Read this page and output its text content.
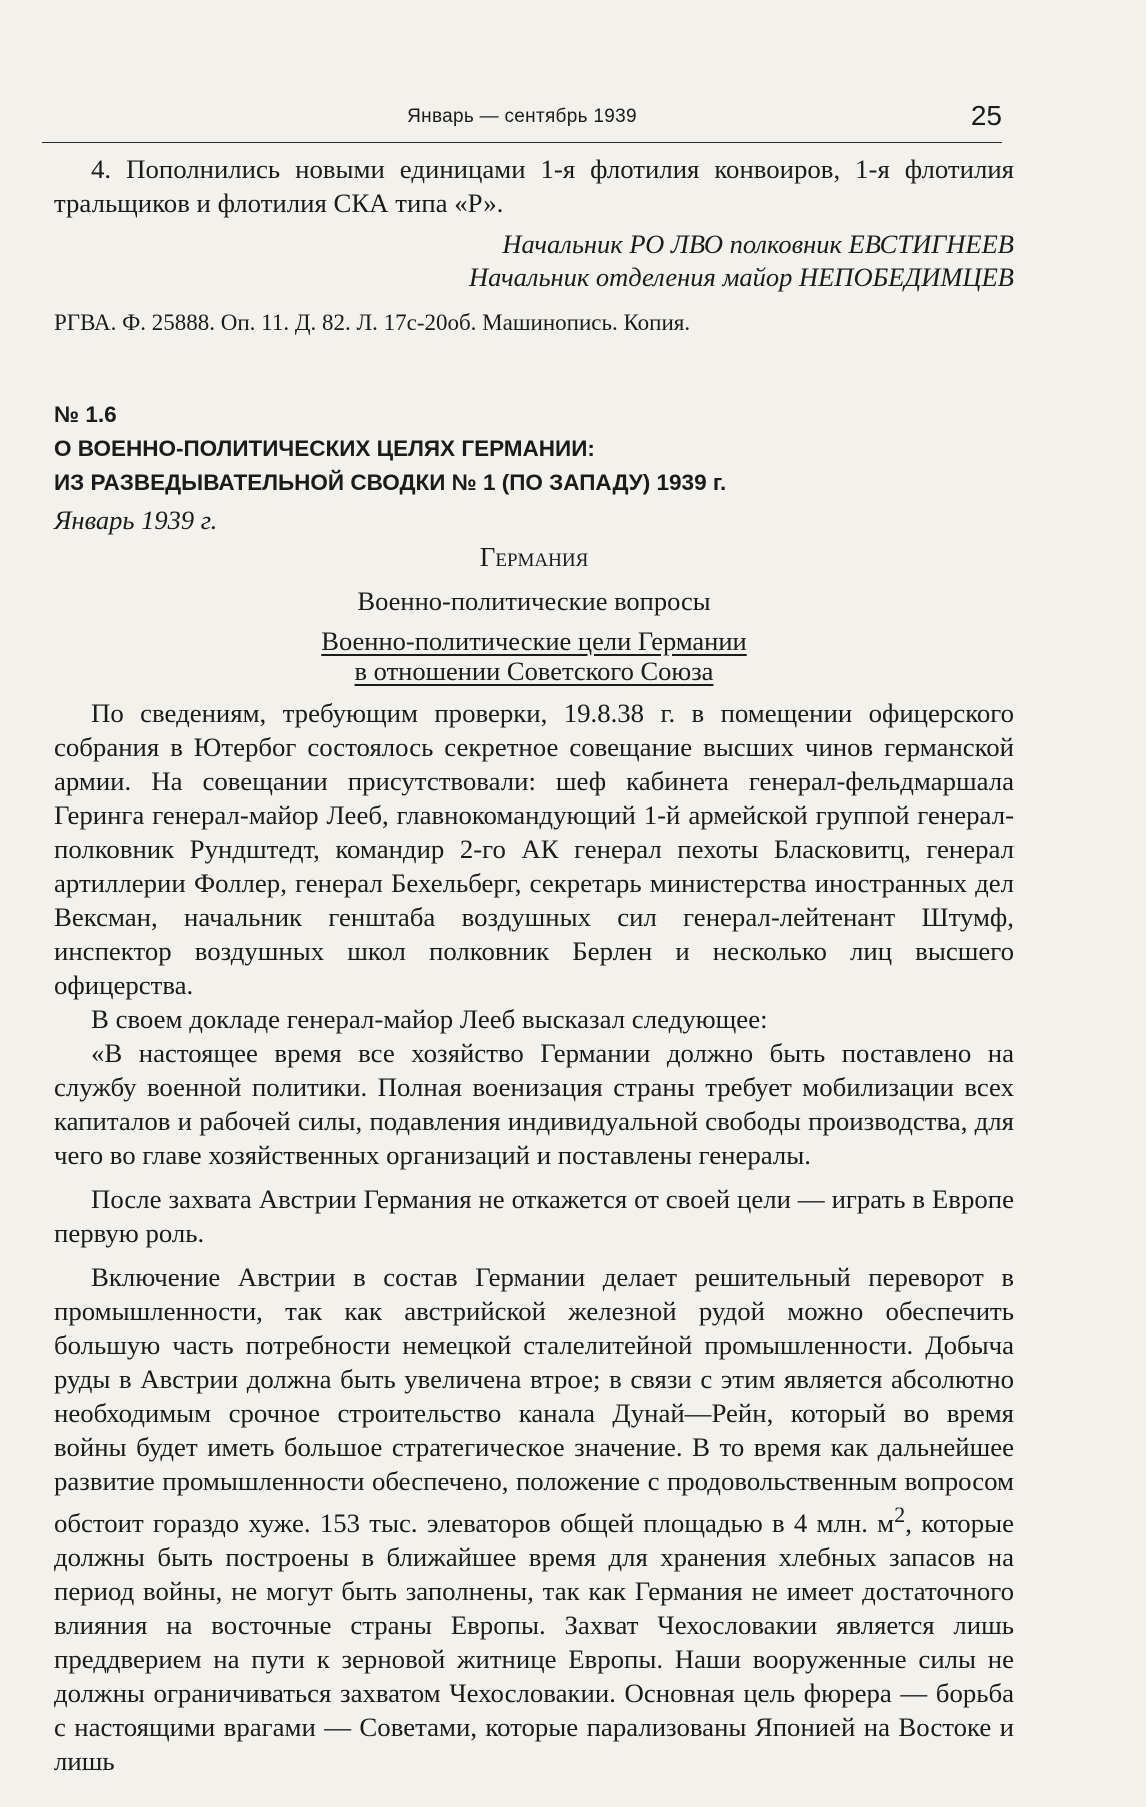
Январь — сентябрь 1939	25

4. Пополнились новыми единицами 1-я флотилия конвоиров, 1-я флотилия тральщиков и флотилия СКА типа «Р».

Начальник РО ЛВО полковник ЕВСТИГНЕЕВ

Начальник отделения майор НЕПОБЕДИМЦЕВ

РГВА. Ф. 25888. Оп. 11. Д. 82. Л. 17с-20об. Машинопись. Копия.

№ 1.6
О ВОЕННО-ПОЛИТИЧЕСКИХ ЦЕЛЯХ ГЕРМАНИИ:
ИЗ РАЗВЕДЫВАТЕЛЬНОЙ СВОДКИ № 1 (ПО ЗАПАДУ) 1939 г.
Январь 1939 г.
Германия
Военно-политические вопросы
Военно-политические цели Германии
в отношении Советского Союза

По сведениям, требующим проверки, 19.8.38 г. в помещении офицерского собрания в Ютербог состоялось секретное совещание высших чинов германской армии. На совещании присутствовали: шеф кабинета генерал-фельдмаршала Геринга генерал-майор Лееб, главнокомандующий 1-й армейской группой генерал-полковник Рундштедт, командир 2-го АК генерал пехоты Бласковитц, генерал артиллерии Фоллер, генерал Бехельберг, секретарь министерства иностранных дел Вексман, начальник генштаба воздушных сил генерал-лейтенант Штумф, инспектор воздушных школ полковник Берлен и несколько лиц высшего офицерства.

В своем докладе генерал-майор Лееб высказал следующее:

«В настоящее время все хозяйство Германии должно быть поставлено на службу военной политики. Полная военизация страны требует мобилизации всех капиталов и рабочей силы, подавления индивидуальной свободы производства, для чего во главе хозяйственных организаций и поставлены генералы.

После захвата Австрии Германия не откажется от своей цели — играть в Европе первую роль.

Включение Австрии в состав Германии делает решительный переворот в промышленности, так как австрийской железной рудой можно обеспечить большую часть потребности немецкой сталелитейной промышленности. Добыча руды в Австрии должна быть увеличена втрое; в связи с этим является абсолютно необходимым срочное строительство канала Дунай—Рейн, который во время войны будет иметь большое стратегическое значение. В то время как дальнейшее развитие промышленности обеспечено, положение с продовольственным вопросом обстоит гораздо хуже. 153 тыс. элеваторов общей площадью в 4 млн. $м^2$, которые должны быть построены в ближайшее время для хранения хлебных запасов на период войны, не могут быть заполнены, так как Германия не имеет достаточного влияния на восточные страны Европы. Захват Чехословакии является лишь преддверием на пути к зерновой житнице Европы. Наши вооруженные силы не должны ограничиваться захватом Чехословакии. Основная цель фюрера — борьба с настоящими врагами — Советами, которые парализованы Японией на Востоке и лишь
